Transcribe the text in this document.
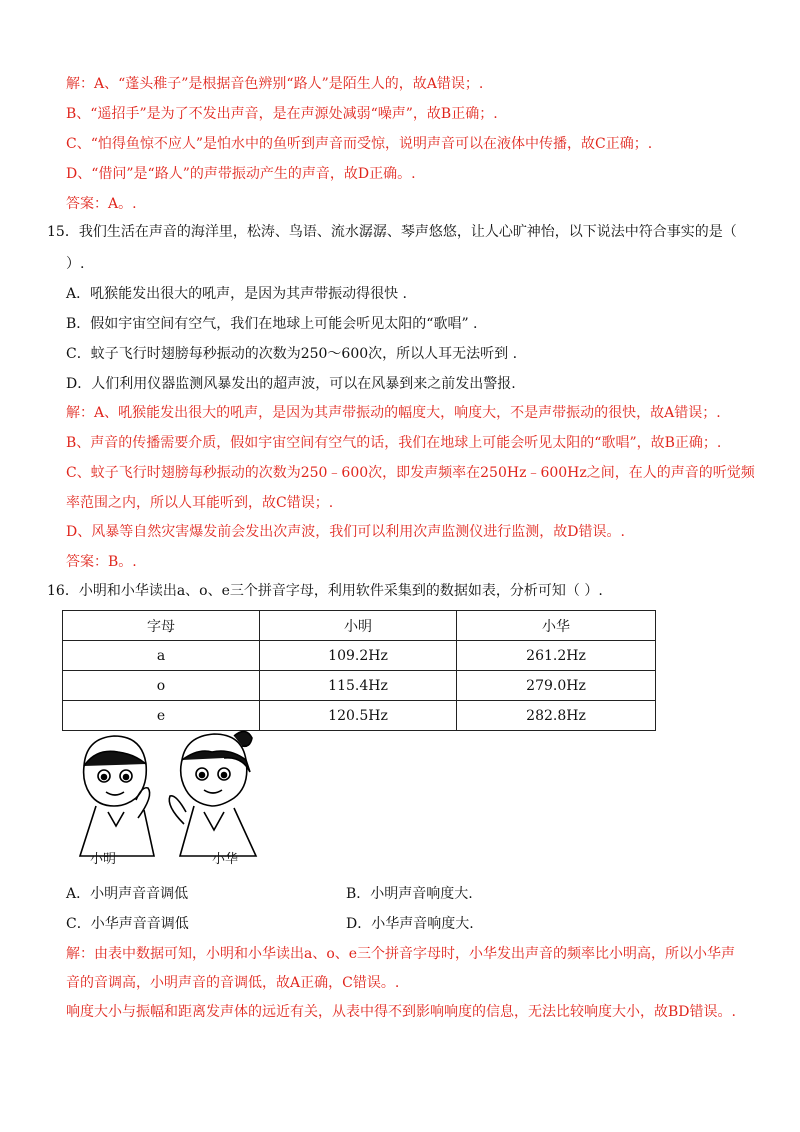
解：A、“蓬头稚子”是根据音色辨别“路人”是陌生人的，故A错误；.
B、“遥招手”是为了不发出声音，是在声源处减弱“噪声”，故B正确；.
C、“怕得鱼惊不应人”是怕水中的鱼听到声音而受惊，说明声音可以在液体中传播，故C正确；.
D、“借问”是“路人”的声带振动产生的声音，故D正确。.
答案：A。.
15．我们生活在声音的海洋里，松涛、鸟语、流水潺潺、琴声悠悠，让人心旷神怡，以下说法中符合事实的是（
）.
A．吼猴能发出很大的吼声，是因为其声带振动得很快 .
B．假如宇宙空间有空气，我们在地球上可能会听见太阳的“歌唱” .
C．蚊子飞行时翅膀每秒振动的次数为250～600次，所以人耳无法听到 .
D．人们利用仪器监测风暴发出的超声波，可以在风暴到来之前发出警报.
解：A、吼猴能发出很大的吼声，是因为其声带振动的幅度大，响度大，不是声带振动的很快，故A错误；.
B、声音的传播需要介质，假如宇宙空间有空气的话，我们在地球上可能会听见太阳的“歌唱”，故B正确；.
C、蚊子飞行时翅膀每秒振动的次数为250﹣600次，即发声频率在250Hz﹣600Hz之间，在人的声音的听觉频
率范围之内，所以人耳能听到，故C错误；.
D、风暴等自然灾害爆发前会发出次声波，我们可以利用次声监测仪进行监测，故D错误。.
答案：B。.
16．小明和小华读出a、o、e三个拼音字母，利用软件采集到的数据如表，分析可知（ ）.
字母	小明	小华
a	109.2Hz	261.2Hz
o	115.4Hz	279.0Hz
e	120.5Hz	282.8Hz
小明	小华
A．小明声音音调低	B．小明声音响度大.
C．小华声音音调低	D．小华声音响度大.
解：由表中数据可知，小明和小华读出a、o、e三个拼音字母时，小华发出声音的频率比小明高，所以小华声
音的音调高，小明声音的音调低，故A正确，C错误。.
响度大小与振幅和距离发声体的远近有关，从表中得不到影响响度的信息，无法比较响度大小，故BD错误。.
